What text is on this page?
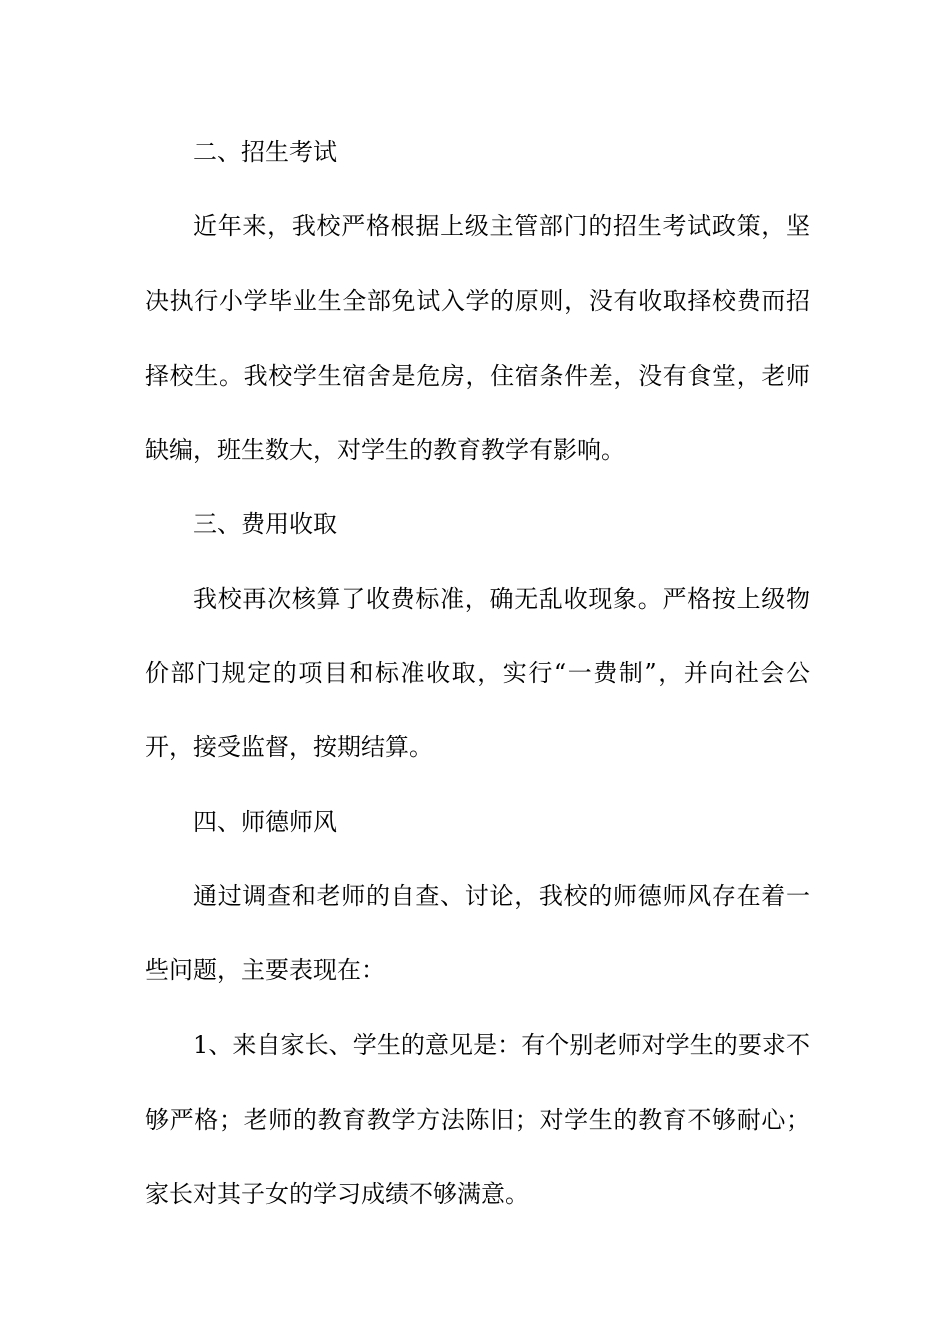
二、招生考试
近年来，我校严格根据上级主管部门的招生考试政策，坚
决执行小学毕业生全部免试入学的原则，没有收取择校费而招
择校生。我校学生宿舍是危房，住宿条件差，没有食堂，老师
缺编，班生数大，对学生的教育教学有影响。
三、费用收取
我校再次核算了收费标准，确无乱收现象。严格按上级物
价部门规定的项目和标准收取，实行“一费制”，并向社会公
开，接受监督，按期结算。
四、师德师风
通过调查和老师的自查、讨论，我校的师德师风存在着一
些问题，主要表现在：
1、来自家长、学生的意见是：有个别老师对学生的要求不
够严格；老师的教育教学方法陈旧；对学生的教育不够耐心；
家长对其子女的学习成绩不够满意。
